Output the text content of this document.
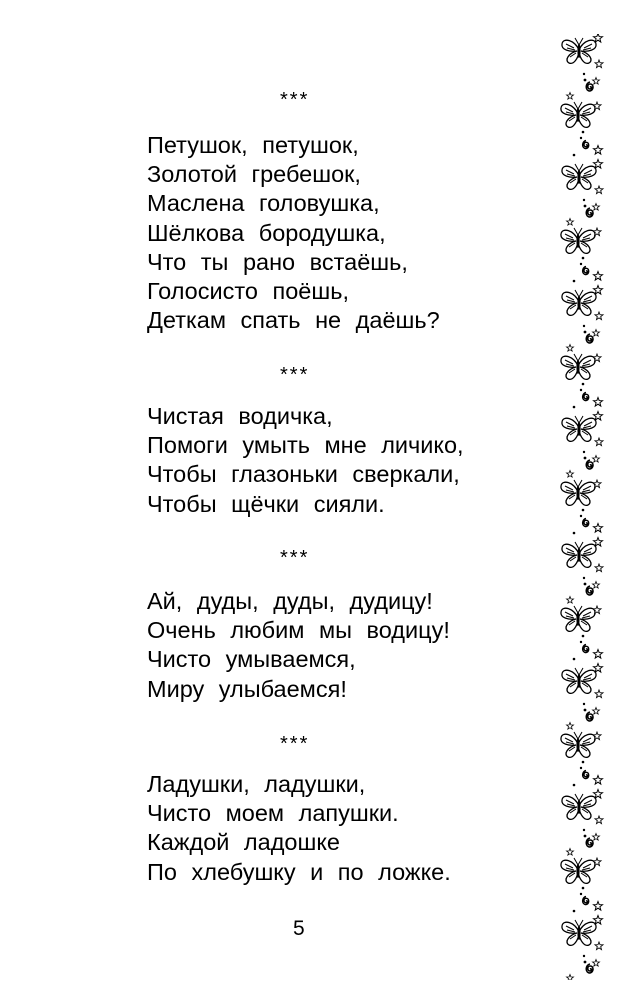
***
Петушок, петушок,
Золотой гребешок,
Маслена головушка,
Шёлкова бородушка,
Что ты рано встаёшь,
Голосисто поёшь,
Деткам спать не даёшь?
***
Чистая водичка,
Помоги умыть мне личико,
Чтобы глазоньки сверкали,
Чтобы щёчки сияли.
***
Ай, дуды, дуды, дудицу!
Очень любим мы водицу!
Чисто умываемся,
Миру улыбаемся!
***
Ладушки, ладушки,
Чисто моем лапушки.
Каждой ладошке
По хлебушку и по ложке.
5
